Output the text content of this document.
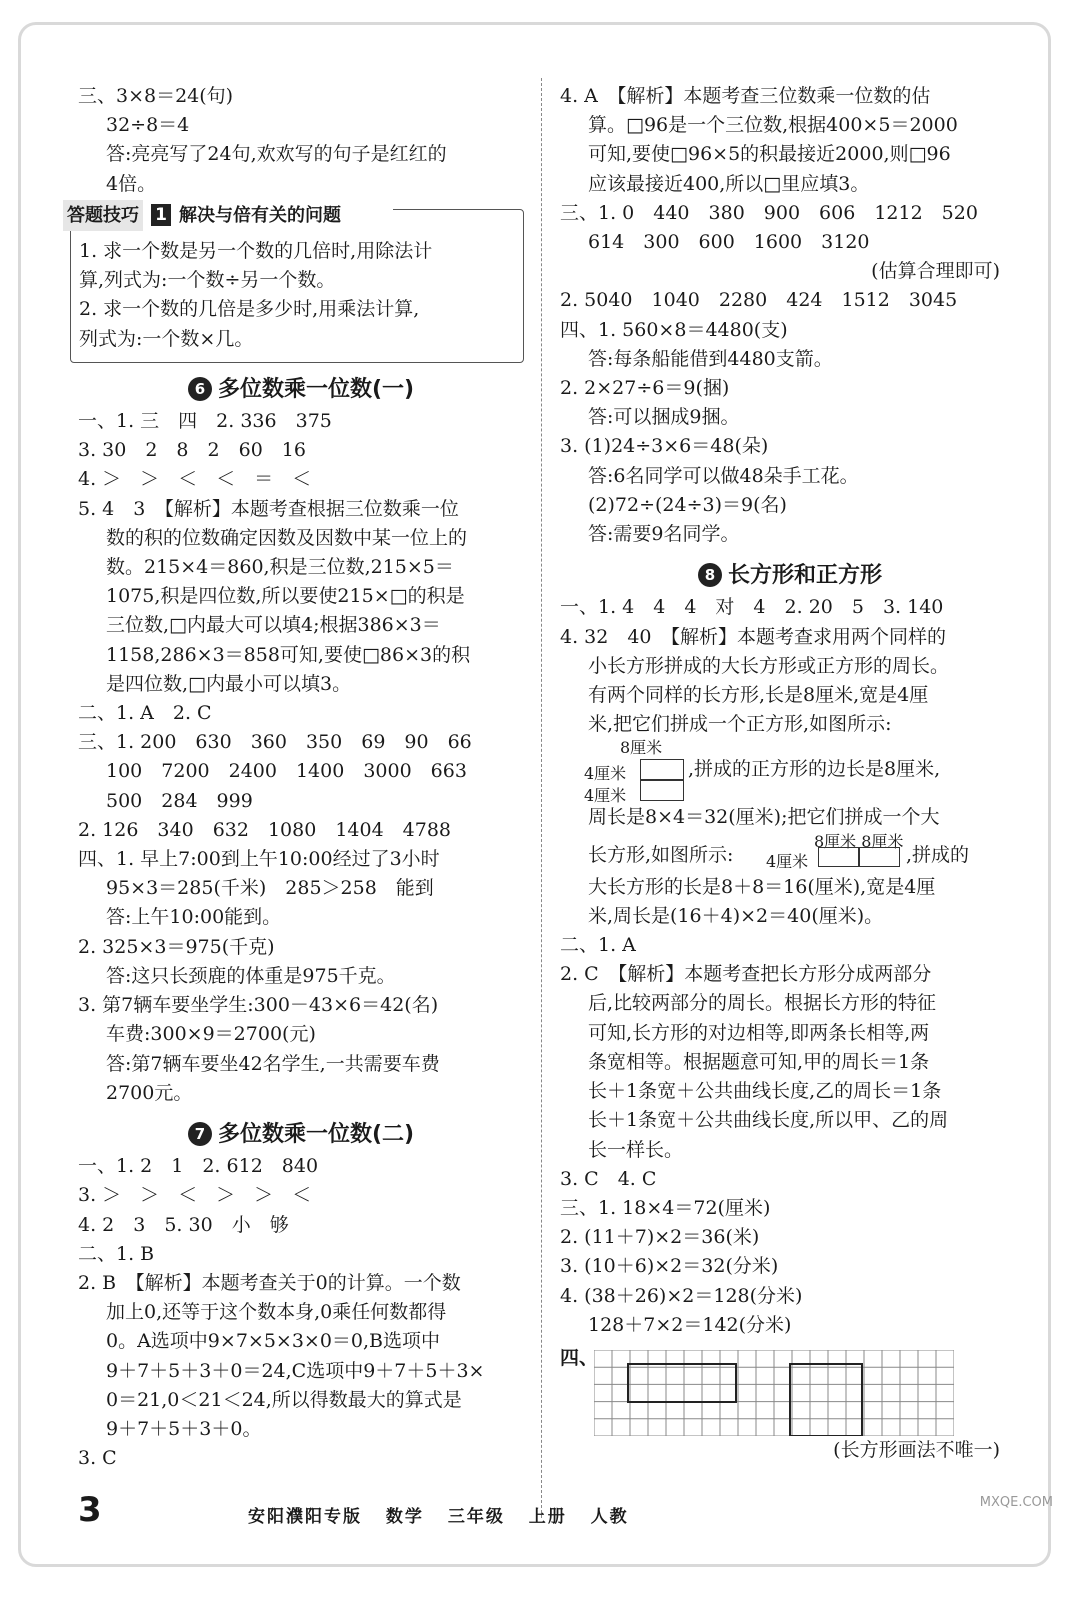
三、3×8＝24(句)
32÷8＝4
答:亮亮写了24句,欢欢写的句子是红红的
4倍。
答题技巧 1 解决与倍有关的问题
1. 求一个数是另一个数的几倍时,用除法计
算,列式为:一个数÷另一个数。
2. 求一个数的几倍是多少时,用乘法计算,
列式为:一个数×几。
6 多位数乘一位数(一)
一、1. 三　四　2. 336　375
3. 30　2　8　2　60　16
4. ＞　＞　＜　＜　＝　＜
5. 4　3　【解析】本题考查根据三位数乘一位
数的积的位数确定因数及因数中某一位上的
数。215×4＝860,积是三位数,215×5＝
1075,积是四位数,所以要使215×□的积是
三位数,□内最大可以填4;根据386×3＝
1158,286×3＝858可知,要使□86×3的积
是四位数,□内最小可以填3。
二、1. A　2. C
三、1. 200　630　360　350　69　90　66
100　7200　2400　1400　3000　663
500　284　999
2. 126　340　632　1080　1404　4788
四、1. 早上7:00到上午10:00经过了3小时
95×3＝285(千米)　285＞258　能到
答:上午10:00能到。
2. 325×3＝975(千克)
答:这只长颈鹿的体重是975千克。
3. 第7辆车要坐学生:300－43×6＝42(名)
车费:300×9＝2700(元)
答:第7辆车要坐42名学生,一共需要车费
2700元。
7 多位数乘一位数(二)
一、1. 2　1　2. 612　840
3. ＞　＞　＜　＞　＞　＜
4. 2　3　5. 30　小　够
二、1. B
2. B　【解析】本题考查关于0的计算。一个数
加上0,还等于这个数本身,0乘任何数都得
0。A选项中9×7×5×3×0＝0,B选项中
9＋7＋5＋3＋0＝24,C选项中9＋7＋5＋3×
0＝21,0＜21＜24,所以得数最大的算式是
9＋7＋5＋3＋0。
3. C
4. A　【解析】本题考查三位数乘一位数的估
算。□96是一个三位数,根据400×5＝2000
可知,要使□96×5的积最接近2000,则□96
应该最接近400,所以□里应填3。
三、1. 0　440　380　900　606　1212　520
614　300　600　1600　3120
(估算合理即可)
2. 5040　1040　2280　424　1512　3045
四、1. 560×8＝4480(支)
答:每条船能借到4480支箭。
2. 2×27÷6＝9(捆)
答:可以捆成9捆。
3. (1)24÷3×6＝48(朵)
答:6名同学可以做48朵手工花。
(2)72÷(24÷3)＝9(名)
答:需要9名同学。
8 长方形和正方形
一、1. 4　4　4　对　4　2. 20　5　3. 140
4. 32　40　【解析】本题考查求用两个同样的
小长方形拼成的大长方形或正方形的周长。
有两个同样的长方形,长是8厘米,宽是4厘
米,把它们拼成一个正方形,如图所示:
8厘米
4厘米
4厘米
,拼成的正方形的边长是8厘米,
周长是8×4＝32(厘米);把它们拼成一个大
长方形,如图所示:
8厘米 8厘米
4厘米	,拼成的
大长方形的长是8＋8＝16(厘米),宽是4厘
米,周长是(16＋4)×2＝40(厘米)。
二、1. A
2. C　【解析】本题考查把长方形分成两部分
后,比较两部分的周长。根据长方形的特征
可知,长方形的对边相等,即两条长相等,两
条宽相等。根据题意可知,甲的周长＝1条
长＋1条宽＋公共曲线长度,乙的周长＝1条
长＋1条宽＋公共曲线长度,所以甲、乙的周
长一样长。
3. C　4. C
三、1. 18×4＝72(厘米)
2. (11＋7)×2＝36(米)
3. (10＋6)×2＝32(分米)
4. (38＋26)×2＝128(分米)
128＋7×2＝142(分米)
四、
(长方形画法不唯一)
3	安阳濮阳专版 数学 三年级 上册 人教
MXQE.COM
